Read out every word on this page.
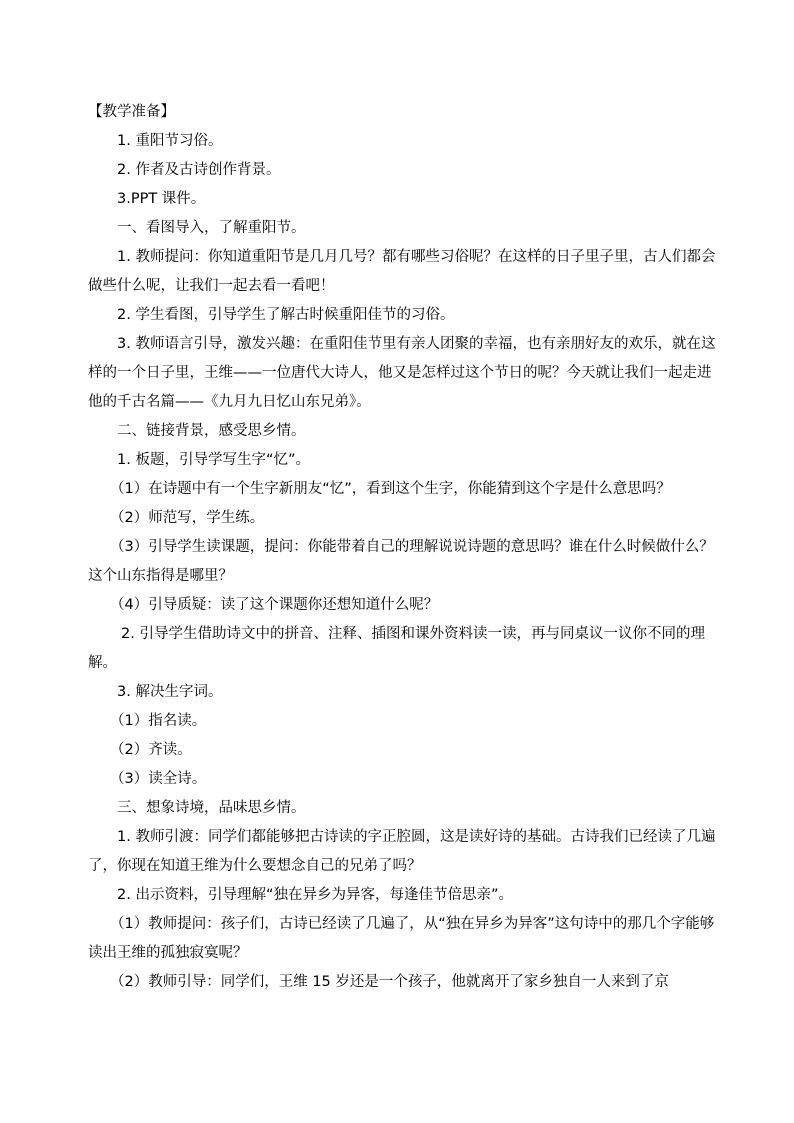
【教学准备】

1. 重阳节习俗。

2. 作者及古诗创作背景。

3.PPT 课件。

一、看图导入，了解重阳节。

1. 教师提问：你知道重阳节是几月几号？都有哪些习俗呢？在这样的日子里子里，古人们都会做些什么呢，让我们一起去看一看吧！

2. 学生看图，引导学生了解古时候重阳佳节的习俗。

3. 教师语言引导，激发兴趣：在重阳佳节里有亲人团聚的幸福，也有亲朋好友的欢乐，就在这样的一个日子里，王维——一位唐代大诗人，他又是怎样过这个节日的呢？今天就让我们一起走进他的千古名篇——《九月九日忆山东兄弟》。

二、链接背景，感受思乡情。

1. 板题，引导学写生字“忆”。

（1）在诗题中有一个生字新朋友“忆”，看到这个生字，你能猜到这个字是什么意思吗？

（2）师范写，学生练。

（3）引导学生读课题，提问：你能带着自己的理解说说诗题的意思吗？谁在什么时候做什么？这个山东指得是哪里？

（4）引导质疑：读了这个课题你还想知道什么呢？

2. 引导学生借助诗文中的拼音、注释、插图和课外资料读一读，再与同桌议一议你不同的理解。

3. 解决生字词。

（1）指名读。

（2）齐读。

（3）读全诗。

三、想象诗境，品味思乡情。

1. 教师引渡：同学们都能够把古诗读的字正腔圆，这是读好诗的基础。古诗我们已经读了几遍了，你现在知道王维为什么要想念自己的兄弟了吗？

2. 出示资料，引导理解“独在异乡为异客，每逢佳节倍思亲”。

（1）教师提问：孩子们，古诗已经读了几遍了，从“独在异乡为异客”这句诗中的那几个字能够读出王维的孤独寂寞呢？

（2）教师引导：同学们，王维 15 岁还是一个孩子，他就离开了家乡独自一人来到了京
